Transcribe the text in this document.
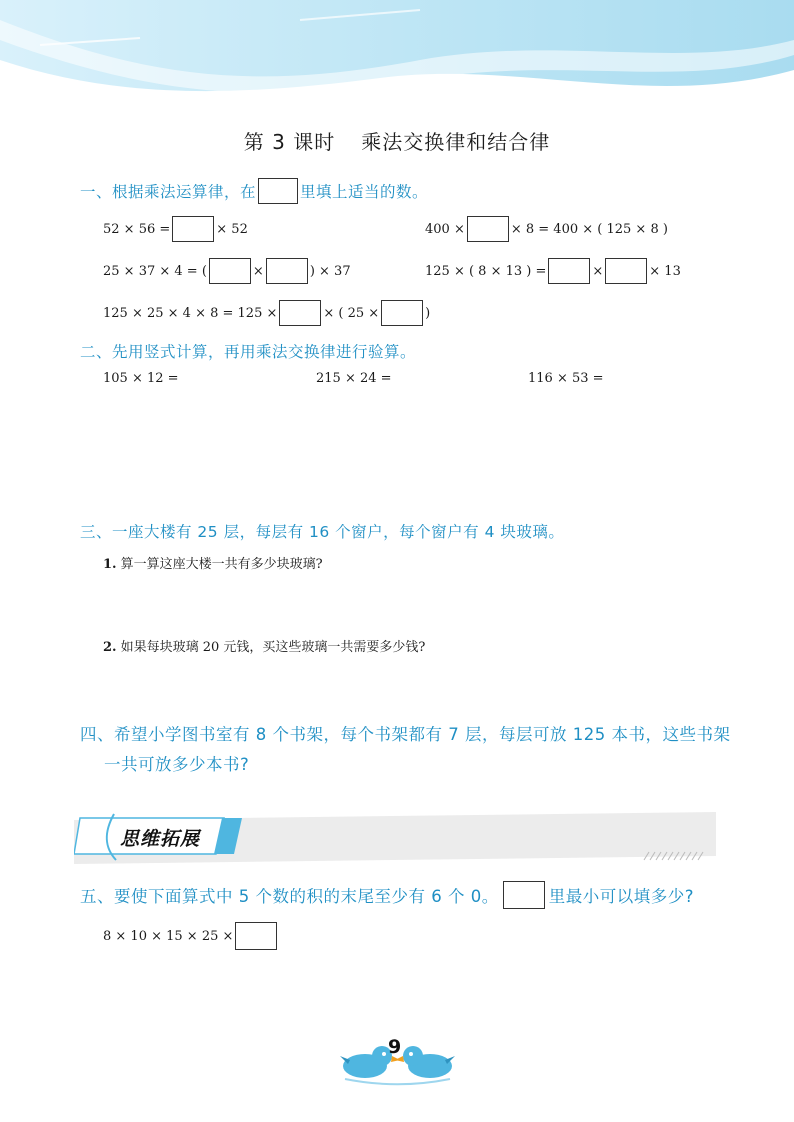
第 3 课时 乘法交换律和结合律
一、根据乘法运算律，在	里填上适当的数。
52 × 56 =	× 52	400 ×	× 8 = 400 × ( 125 × 8 )
25 × 37 × 4 = (	×	) × 37	125 × ( 8 × 13 ) =	×	× 13
125 × 25 × 4 × 8 = 125 ×	× ( 25 ×	)
二、先用竖式计算，再用乘法交换律进行验算。
105 × 12 =	215 × 24 =	116 × 53 =
三、一座大楼有 25 层，每层有 16 个窗户，每个窗户有 4 块玻璃。
1. 算一算这座大楼一共有多少块玻璃?
2. 如果每块玻璃 20 元钱，买这些玻璃一共需要多少钱?
四、希望小学图书室有 8 个书架，每个书架都有 7 层，每层可放 125 本书，这些书架
一共可放多少本书?
思维拓展
五、要使下面算式中 5 个数的积的末尾至少有 6 个 0。	里最小可以填多少?
8 × 10 × 15 × 25 ×
9
